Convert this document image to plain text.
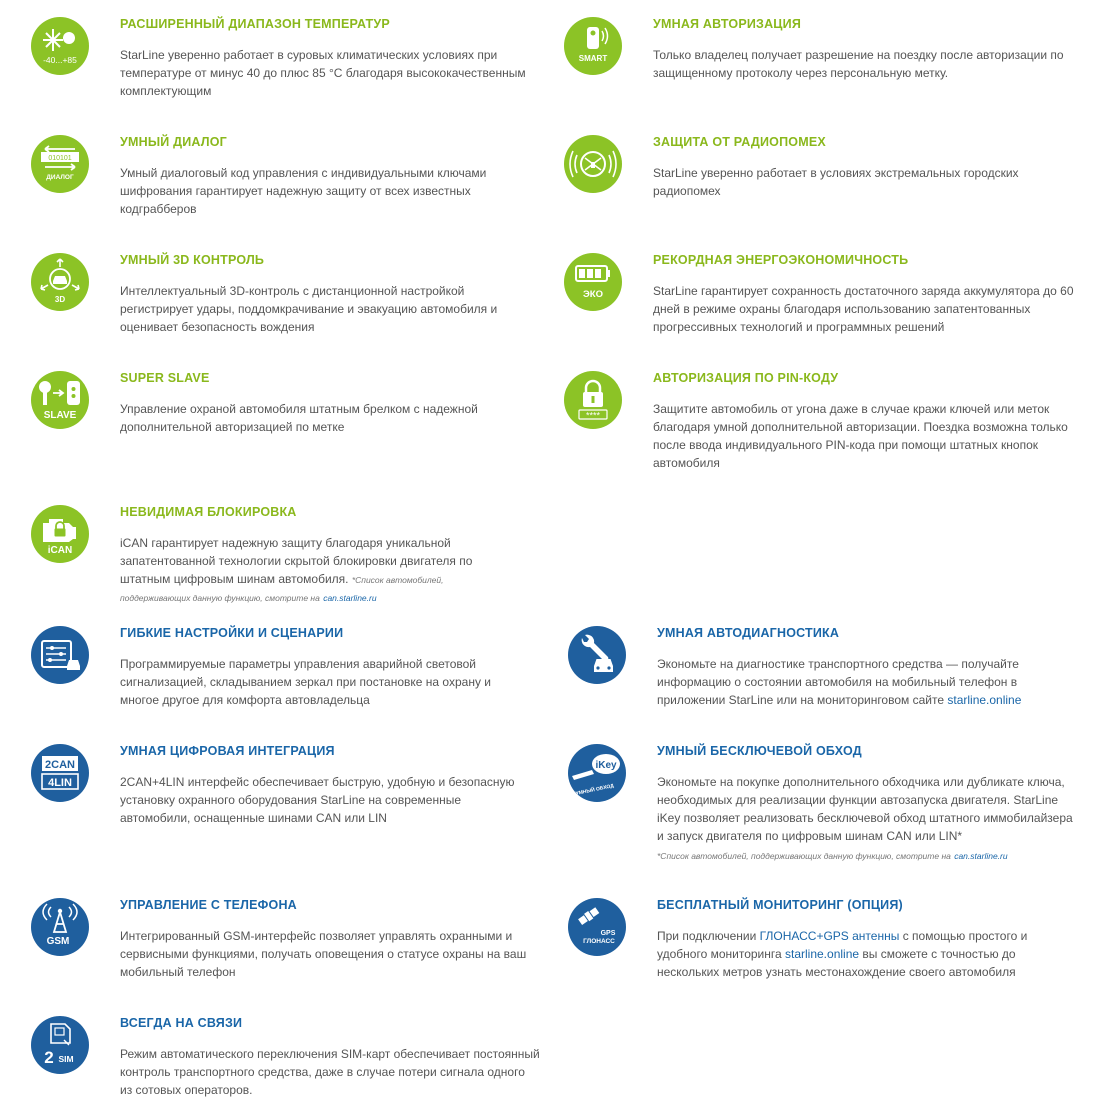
-40...+85
РАСШИРЕННЫЙ ДИАПАЗОН ТЕМПЕРАТУР
StarLine уверенно работает в суровых климатических условиях при температуре от минус 40 до плюс 85 °С благодаря высококачественным комплектующим
SMART
УМНАЯ АВТОРИЗАЦИЯ
Только владелец получает разрешение на поездку после авторизации по защищенному протоколу через персональную метку.
010101
ДИАЛОГ
УМНЫЙ ДИАЛОГ
Умный диалоговый код управления с индивидуальными ключами шифрования гарантирует надежную защиту от всех известных кодграбберов
ЗАЩИТА ОТ РАДИОПОМЕХ
StarLine уверенно работает в условиях экстремальных городских радиопомех
3D
УМНЫЙ 3D КОНТРОЛЬ
Интеллектуальный 3D-контроль с дистанционной настройкой регистрирует удары, поддомкрачивание и эвакуацию автомобиля и оценивает безопасность вождения
ЭКО
РЕКОРДНАЯ ЭНЕРГОЭКОНОМИЧНОСТЬ
StarLine гарантирует сохранность достаточного заряда аккумулятора до 60 дней в режиме охраны благодаря использованию запатентованных прогрессивных технологий и программных решений
SLAVE
SUPER SLAVE
Управление охраной автомобиля штатным брелком с надежной дополнительной авторизацией по метке
****
АВТОРИЗАЦИЯ ПО PIN-КОДУ
Защитите автомобиль от угона даже в случае кражи ключей или меток благодаря умной дополнительной авторизации. Поездка возможна только после ввода индивидуального PIN-кода при помощи штатных кнопок автомобиля
iCAN
НЕВИДИМАЯ БЛОКИРОВКА
iCAN гарантирует надежную защиту благодаря уникальной запатентованной технологии скрытой блокировки двигателя по штатным цифровым шинам автомобиля. *Список автомобилей, поддерживающих данную функцию, смотрите на can.starline.ru
ГИБКИЕ НАСТРОЙКИ И СЦЕНАРИИ
Программируемые параметры управления аварийной световой сигнализацией, складыванием зеркал при постановке на охрану и многое другое для комфорта автовладельца
УМНАЯ АВТОДИАГНОСТИКА
Экономьте на диагностике транспортного средства — получайте информацию о состоянии автомобиля на мобильный телефон в приложении StarLine или на мониторинговом сайте starline.online
2CAN
4LIN
УМНАЯ ЦИФРОВАЯ ИНТЕГРАЦИЯ
2CAN+4LIN интерфейс обеспечивает быструю, удобную и безопасную установку охранного оборудования StarLine на современные автомобили, оснащенные шинами CAN или LIN
iKey
УМНЫЙ ОБХОД
УМНЫЙ БЕСКЛЮЧЕВОЙ ОБХОД
Экономьте на покупке дополнительного обходчика или дубликате ключа, необходимых для реализации функции автозапуска двигателя. StarLine iKey позволяет реализовать бесключевой обход штатного иммобилайзера и запуск двигателя по цифровым шинам CAN или LIN*
*Список автомобилей, поддерживающих данную функцию, смотрите на can.starline.ru
GSM
УПРАВЛЕНИЕ С ТЕЛЕФОНА
Интегрированный GSM-интерфейс позволяет управлять охранными и сервисными функциями, получать оповещения о статусе охраны на ваш мобильный телефон
GPS
ГЛОНАСС
БЕСПЛАТНЫЙ МОНИТОРИНГ (ОПЦИЯ)
При подключении ГЛОНАСС+GPS антенны с помощью простого и удобного мониторинга starline.online вы сможете с точностью до нескольких метров узнать местонахождение своего автомобиля
2 SIM
ВСЕГДА НА СВЯЗИ
Режим автоматического переключения SIM-карт обеспечивает постоянный контроль транспортного средства, даже в случае потери сигнала одного из сотовых операторов.
